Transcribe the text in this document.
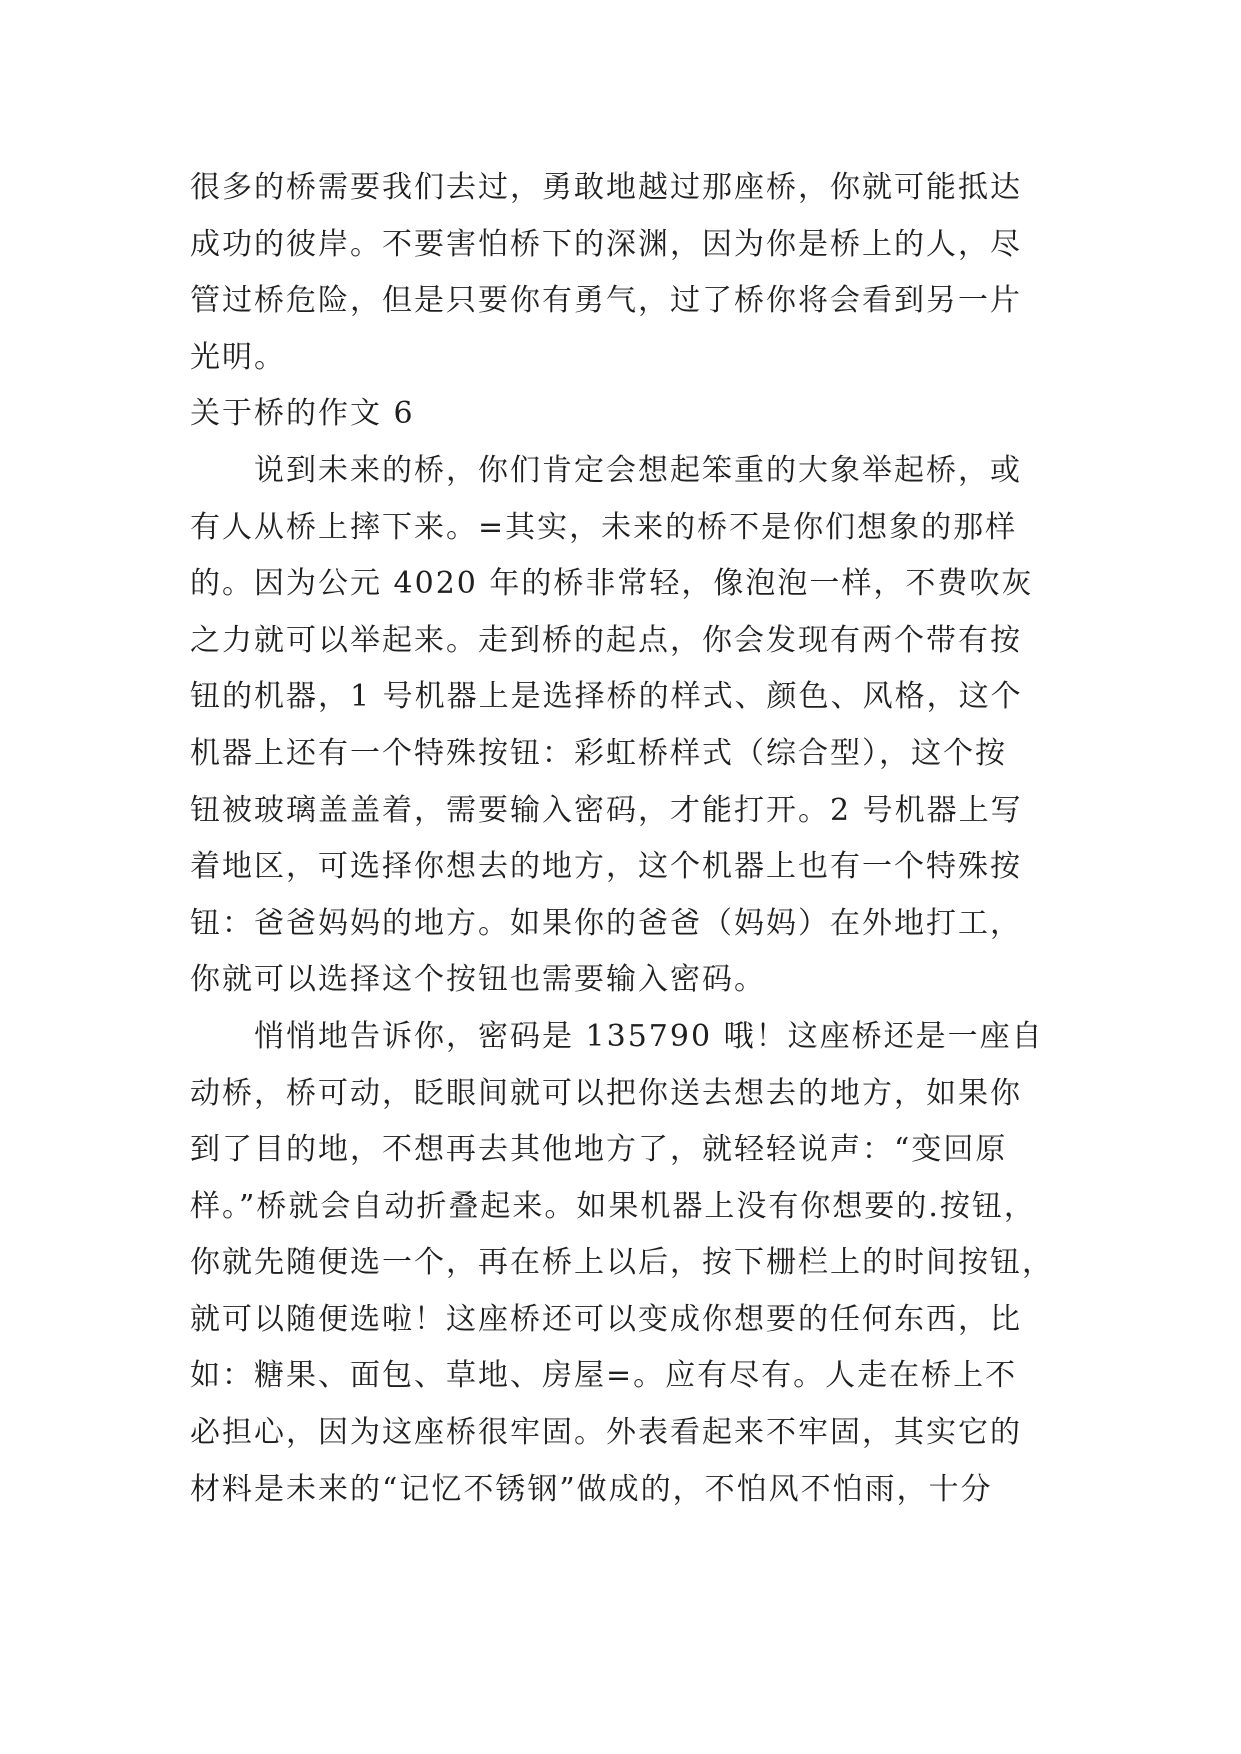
很多的桥需要我们去过，勇敢地越过那座桥，你就可能抵达
成功的彼岸。不要害怕桥下的深渊，因为你是桥上的人，尽
管过桥危险，但是只要你有勇气，过了桥你将会看到另一片
光明。
关于桥的作文 6
说到未来的桥，你们肯定会想起笨重的大象举起桥，或
有人从桥上摔下来。=其实，未来的桥不是你们想象的那样
的。因为公元 4020 年的桥非常轻，像泡泡一样，不费吹灰
之力就可以举起来。走到桥的起点，你会发现有两个带有按
钮的机器，1 号机器上是选择桥的样式、颜色、风格，这个
机器上还有一个特殊按钮：彩虹桥样式（综合型），这个按
钮被玻璃盖盖着，需要输入密码，才能打开。2 号机器上写
着地区，可选择你想去的地方，这个机器上也有一个特殊按
钮：爸爸妈妈的地方。如果你的爸爸（妈妈）在外地打工，
你就可以选择这个按钮也需要输入密码。
悄悄地告诉你，密码是 135790 哦！这座桥还是一座自
动桥，桥可动，眨眼间就可以把你送去想去的地方，如果你
到了目的地，不想再去其他地方了，就轻轻说声：“变回原
样。”桥就会自动折叠起来。如果机器上没有你想要的.按钮，
你就先随便选一个，再在桥上以后，按下栅栏上的时间按钮，
就可以随便选啦！这座桥还可以变成你想要的任何东西，比
如：糖果、面包、草地、房屋=。应有尽有。人走在桥上不
必担心，因为这座桥很牢固。外表看起来不牢固，其实它的
材料是未来的“记忆不锈钢”做成的，不怕风不怕雨，十分
